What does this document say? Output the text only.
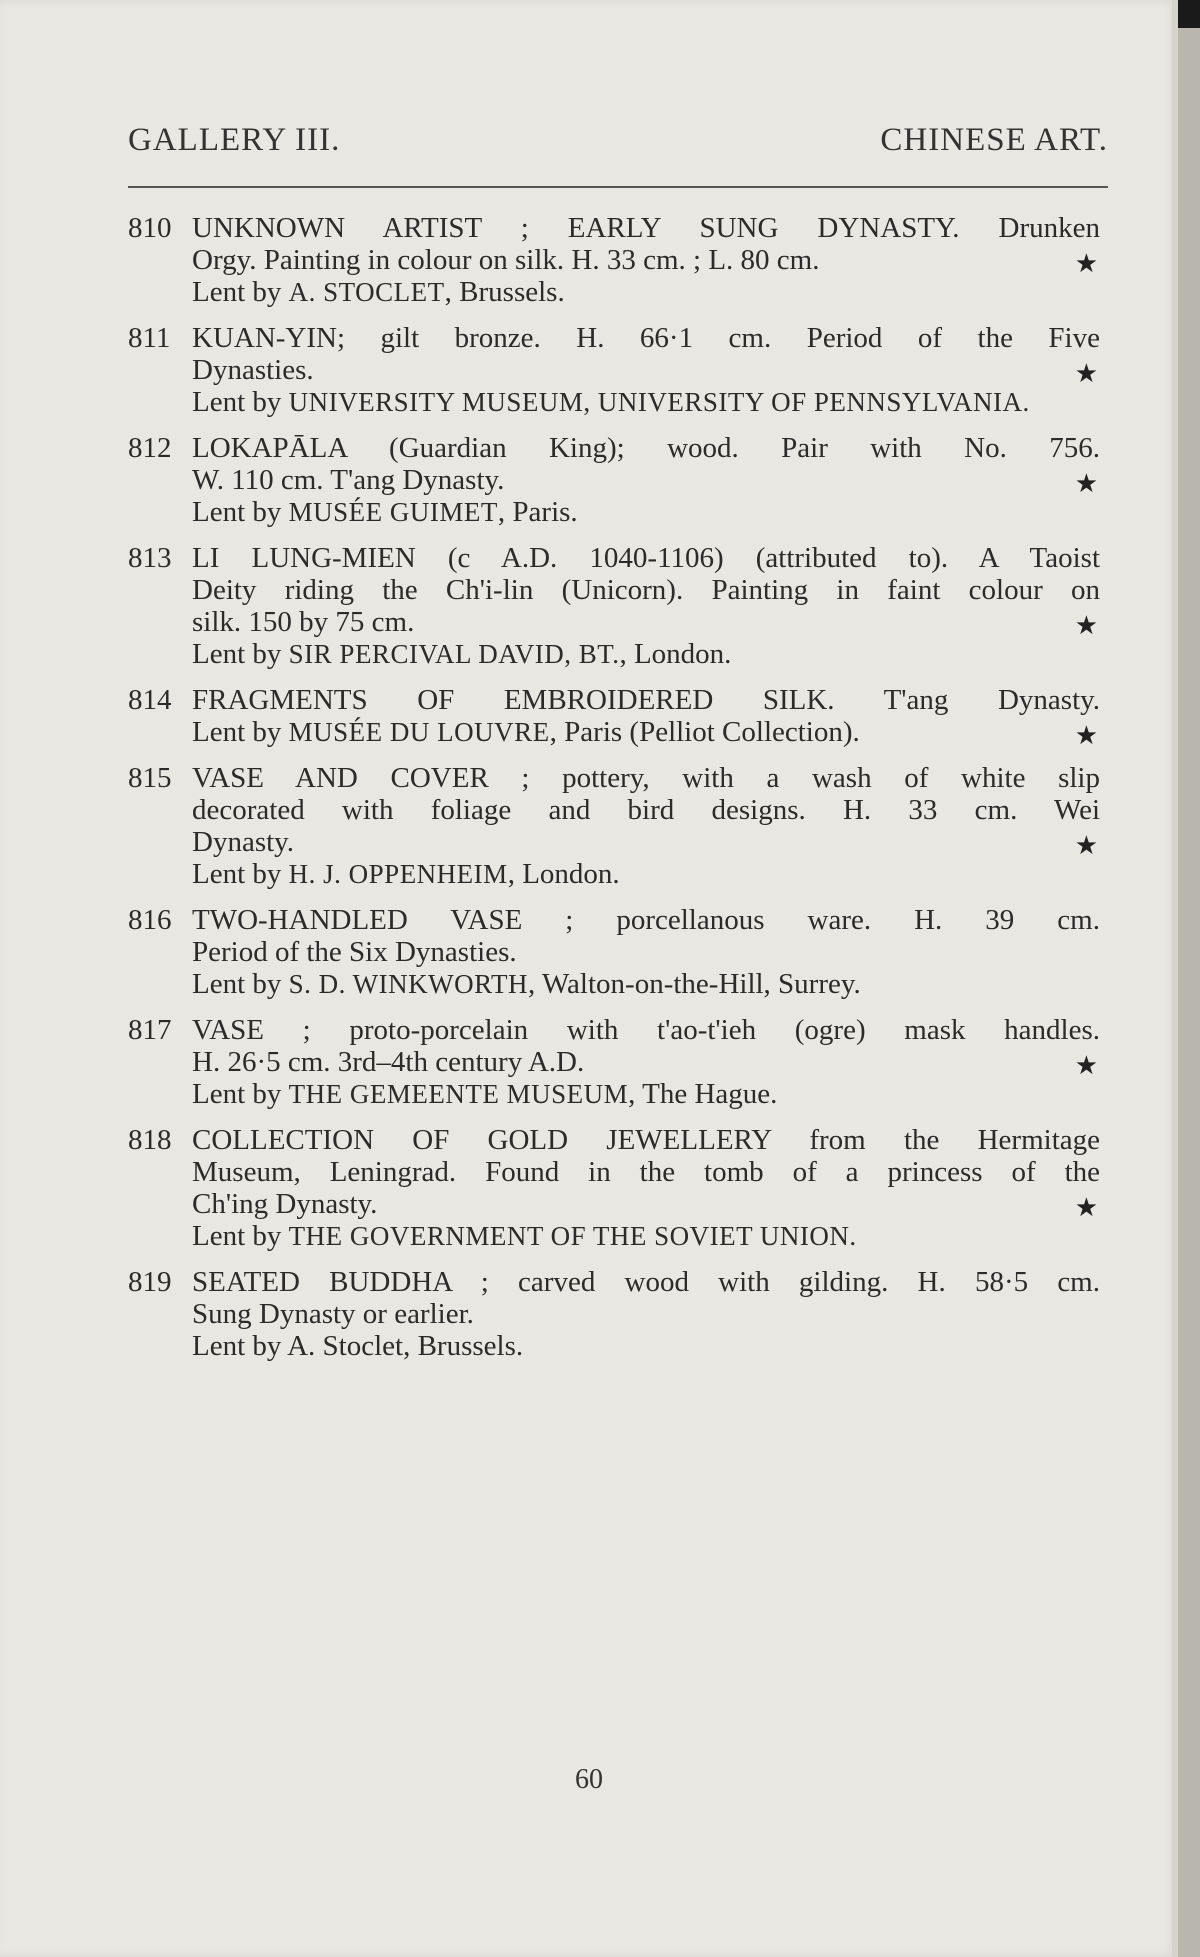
GALLERY III.	CHINESE ART.
810 UNKNOWN ARTIST ; EARLY SUNG DYNASTY. Drunken
Orgy. Painting in colour on silk. H. 33 cm. ; L. 80 cm.	★
Lent by A. STOCLET, Brussels.
811 KUAN-YIN; gilt bronze. H. 66·1 cm. Period of the Five
Dynasties.	★
Lent by UNIVERSITY MUSEUM, UNIVERSITY OF PENNSYLVANIA.
812 LOKAPĀLA (Guardian King); wood. Pair with No. 756.
W. 110 cm. T'ang Dynasty.	★
Lent by MUSÉE GUIMET, Paris.
813 LI LUNG-MIEN (c A.D. 1040-1106) (attributed to). A Taoist
Deity riding the Ch'i-lin (Unicorn). Painting in faint colour on
silk. 150 by 75 cm.	★
Lent by SIR PERCIVAL DAVID, BT., London.
814 FRAGMENTS OF EMBROIDERED SILK. T'ang Dynasty.
Lent by MUSÉE DU LOUVRE, Paris (Pelliot Collection).	★
815 VASE AND COVER ; pottery, with a wash of white slip
decorated with foliage and bird designs. H. 33 cm. Wei
Dynasty.	★
Lent by H. J. OPPENHEIM, London.
816 TWO-HANDLED VASE ; porcellanous ware. H. 39 cm.
Period of the Six Dynasties.
Lent by S. D. WINKWORTH, Walton-on-the-Hill, Surrey.
817 VASE ; proto-porcelain with t'ao-t'ieh (ogre) mask handles.
H. 26·5 cm. 3rd–4th century A.D.	★
Lent by THE GEMEENTE MUSEUM, The Hague.
818 COLLECTION OF GOLD JEWELLERY from the Hermitage
Museum, Leningrad. Found in the tomb of a princess of the
Ch'ing Dynasty.	★
Lent by THE GOVERNMENT OF THE SOVIET UNION.
819 SEATED BUDDHA ; carved wood with gilding. H. 58·5 cm.
Sung Dynasty or earlier.
Lent by A. Stoclet, Brussels.
60
